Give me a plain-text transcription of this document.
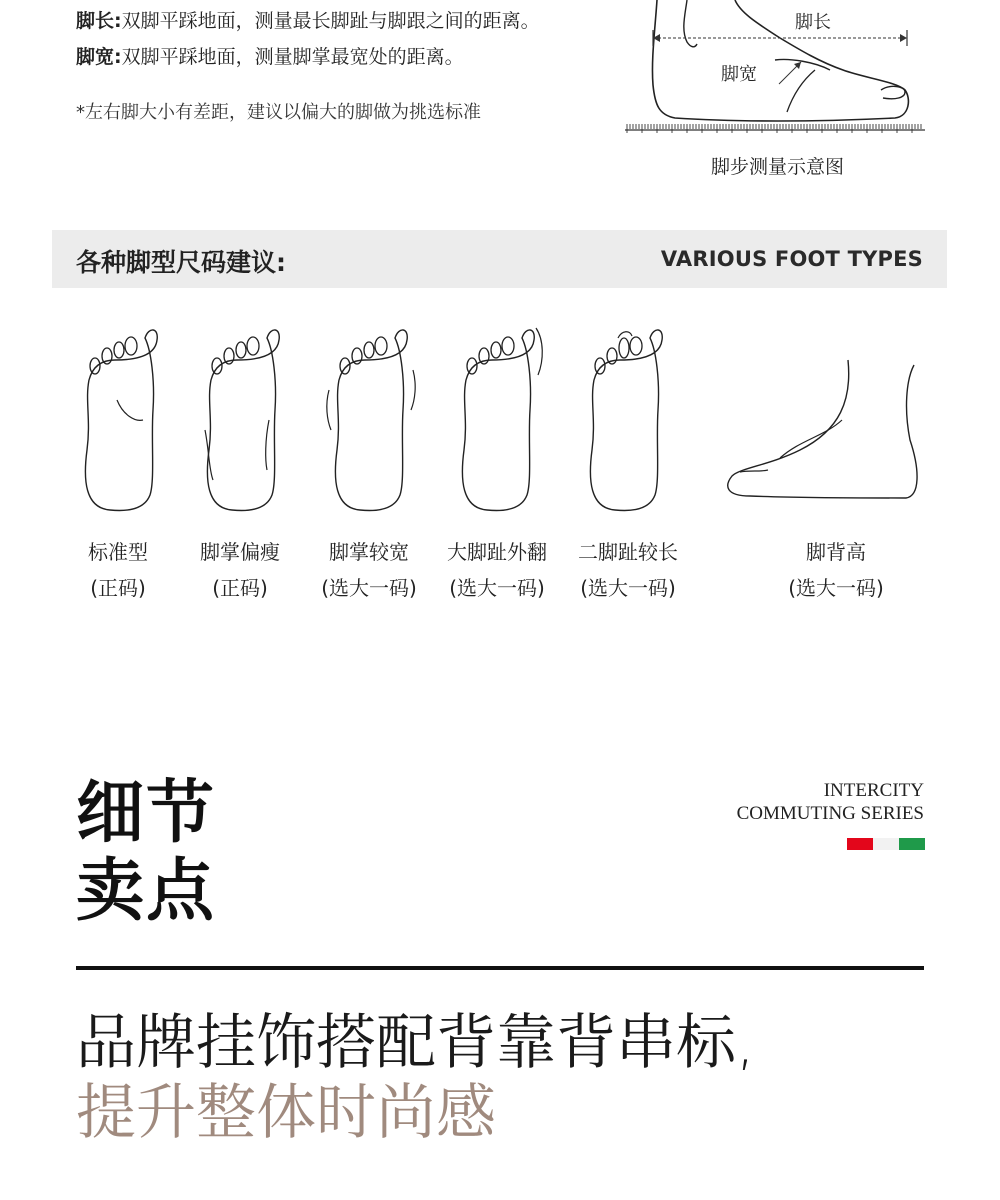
脚长:双脚平踩地面，测量最长脚趾与脚跟之间的距离。
脚宽:双脚平踩地面，测量脚掌最宽处的距离。
*左右脚大小有差距，建议以偏大的脚做为挑选标准
脚长
脚宽
脚步测量示意图
各种脚型尺码建议:	VARIOUS FOOT TYPES
标准型
(正码)
脚掌偏瘦
(正码)
脚掌较宽
(选大一码)
大脚趾外翻
(选大一码)
二脚趾较长
(选大一码)
脚背高
(选大一码)
细节
卖点
INTERCITY
COMMUTING SERIES
品牌挂饰搭配背靠背串标,
提升整体时尚感
